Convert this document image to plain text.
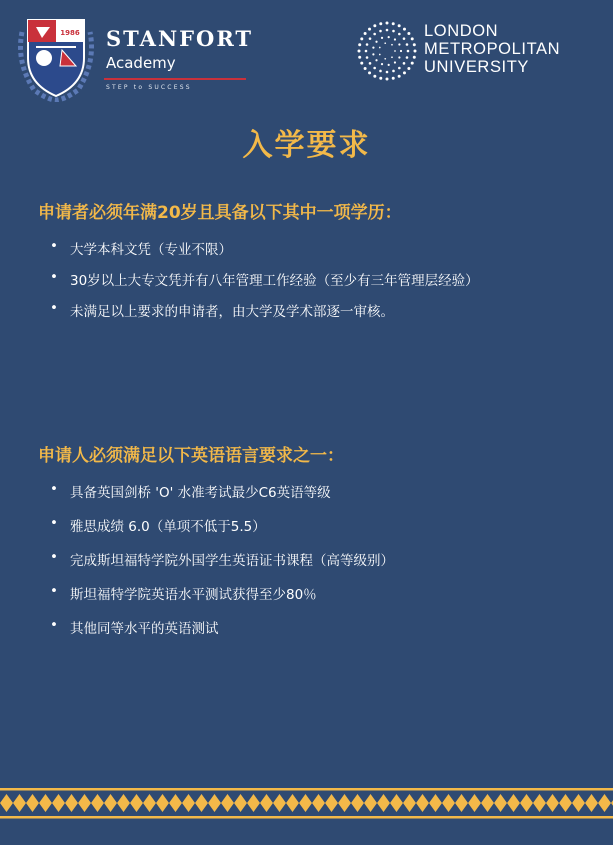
1986 STANFORT
Academy
STEP to SUCCESS
LONDON
METROPOLITAN
UNIVERSITY
入学要求
申请者必须年满20岁且具备以下其中一项学历：
• 大学本科文凭（专业不限）
• 30岁以上大专文凭并有八年管理工作经验（至少有三年管理层经验）
• 未满足以上要求的申请者，由大学及学术部逐一审核。
申请人必须满足以下英语语言要求之一：
• 具备英国剑桥 'O' 水准考试最少C6英语等级
• 雅思成绩 6.0（单项不低于5.5）
• 完成斯坦福特学院外国学生英语证书课程（高等级别）
• 斯坦福特学院英语水平测试获得至少80％
• 其他同等水平的英语测试
